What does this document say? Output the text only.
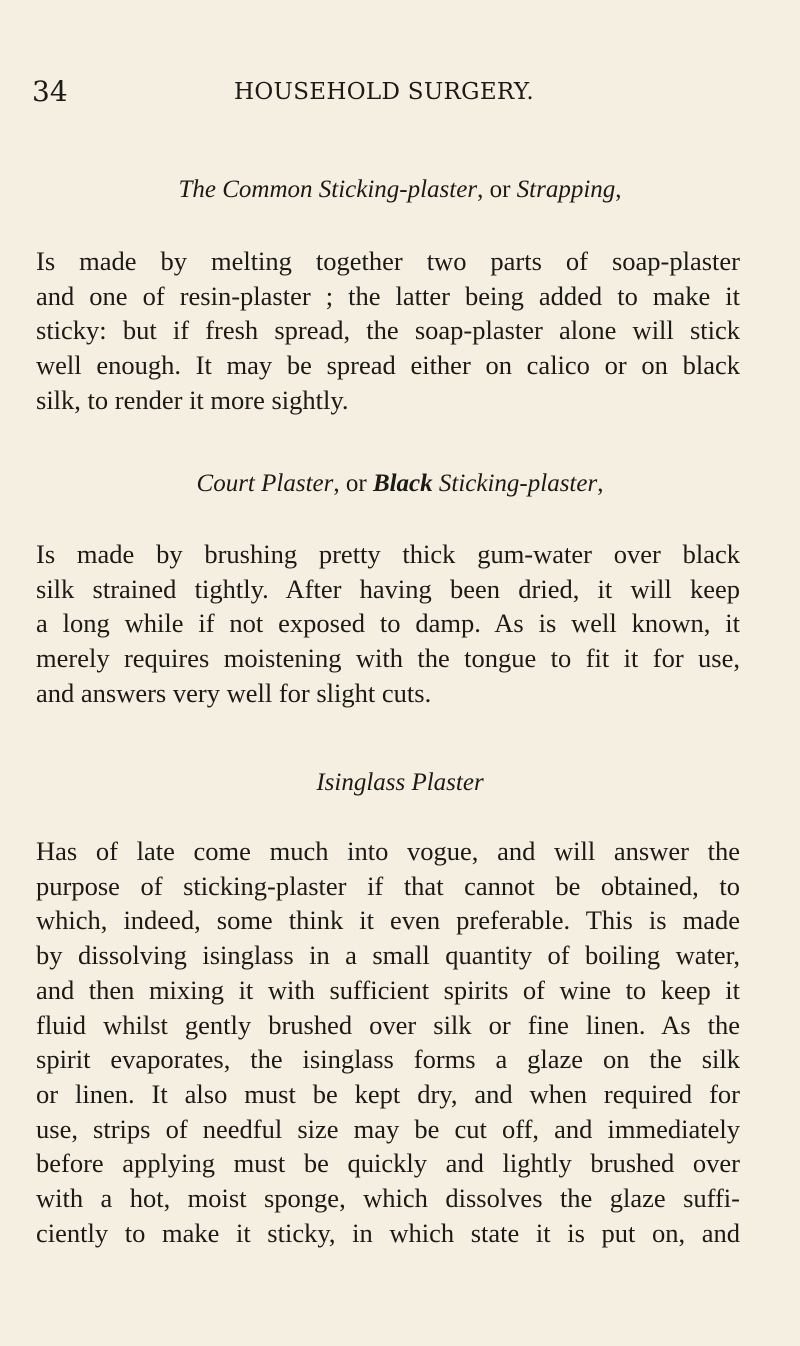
34	HOUSEHOLD SURGERY.
The Common Sticking-plaster, or Strapping,
Is made by melting together two parts of soap-plaster
and one of resin-plaster ; the latter being added to make it
sticky: but if fresh spread, the soap-plaster alone will stick
well enough. It may be spread either on calico or on black
silk, to render it more sightly.
Court Plaster, or Black Sticking-plaster,
Is made by brushing pretty thick gum-water over black
silk strained tightly. After having been dried, it will keep
a long while if not exposed to damp. As is well known, it
merely requires moistening with the tongue to fit it for use,
and answers very well for slight cuts.
Isinglass Plaster
Has of late come much into vogue, and will answer the
purpose of sticking-plaster if that cannot be obtained, to
which, indeed, some think it even preferable. This is made
by dissolving isinglass in a small quantity of boiling water,
and then mixing it with sufficient spirits of wine to keep it
fluid whilst gently brushed over silk or fine linen. As the
spirit evaporates, the isinglass forms a glaze on the silk
or linen. It also must be kept dry, and when required for
use, strips of needful size may be cut off, and immediately
before applying must be quickly and lightly brushed over
with a hot, moist sponge, which dissolves the glaze suffi-
ciently to make it sticky, in which state it is put on, and
